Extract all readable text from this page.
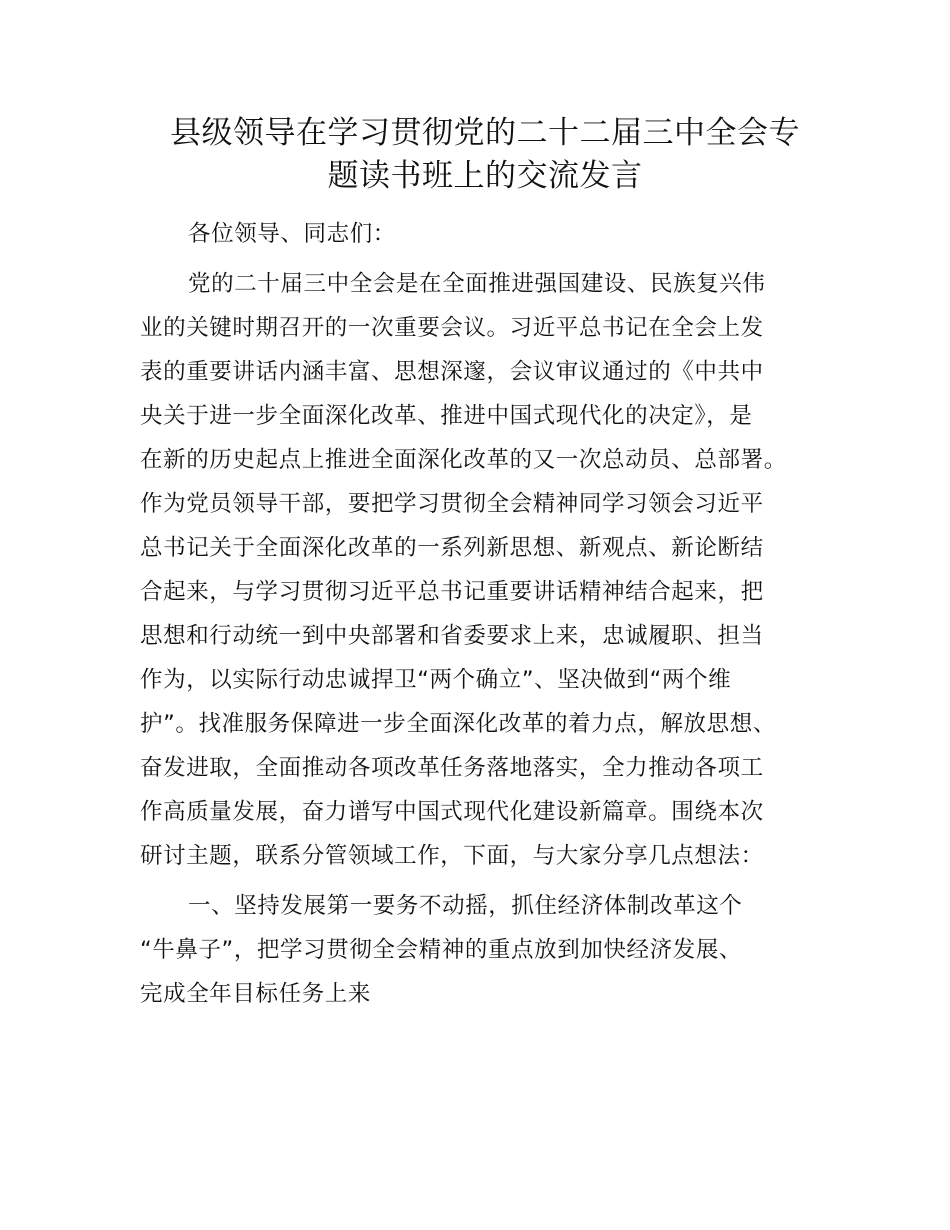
县级领导在学习贯彻党的二十二届三中全会专
题读书班上的交流发言

各位领导、同志们：

党的二十届三中全会是在全面推进强国建设、民族复兴伟
业的关键时期召开的一次重要会议。习近平总书记在全会上发
表的重要讲话内涵丰富、思想深邃，会议审议通过的《中共中
央关于进一步全面深化改革、推进中国式现代化的决定》，是
在新的历史起点上推进全面深化改革的又一次总动员、总部署。
作为党员领导干部，要把学习贯彻全会精神同学习领会习近平
总书记关于全面深化改革的一系列新思想、新观点、新论断结
合起来，与学习贯彻习近平总书记重要讲话精神结合起来，把
思想和行动统一到中央部署和省委要求上来，忠诚履职、担当
作为，以实际行动忠诚捍卫“两个确立”、坚决做到“两个维
护”。找准服务保障进一步全面深化改革的着力点，解放思想、
奋发进取，全面推动各项改革任务落地落实，全力推动各项工
作高质量发展，奋力谱写中国式现代化建设新篇章。围绕本次
研讨主题，联系分管领域工作，下面，与大家分享几点想法：

一、坚持发展第一要务不动摇，抓住经济体制改革这个
“牛鼻子”，把学习贯彻全会精神的重点放到加快经济发展、
完成全年目标任务上来
